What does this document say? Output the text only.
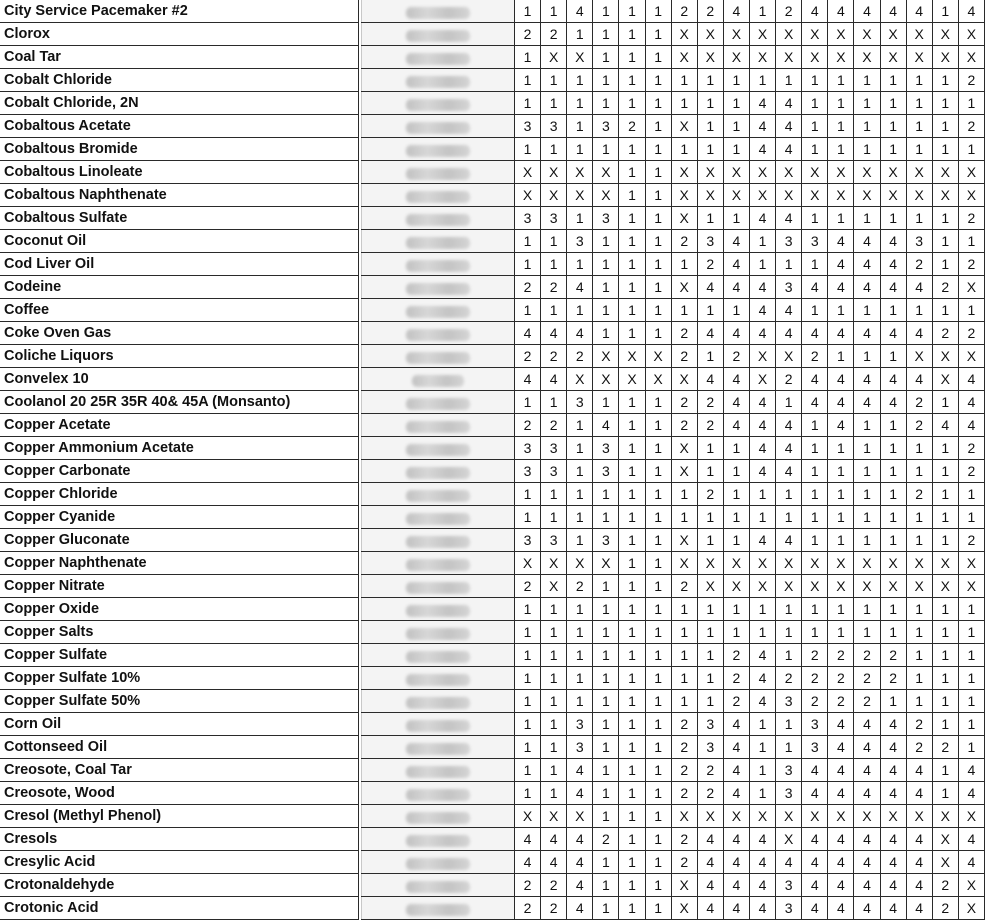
City Service Pacemaker #2			1	1	4	1	1	1	2	2	4	1	2	4	4	4	4	4	1	4
Clorox			2	2	1	1	1	1	X	X	X	X	X	X	X	X	X	X	X	X
Coal Tar			1	X	X	1	1	1	X	X	X	X	X	X	X	X	X	X	X	X
Cobalt Chloride			1	1	1	1	1	1	1	1	1	1	1	1	1	1	1	1	1	2
Cobalt Chloride, 2N			1	1	1	1	1	1	1	1	1	4	4	1	1	1	1	1	1	1
Cobaltous Acetate			3	3	1	3	2	1	X	1	1	4	4	1	1	1	1	1	1	2
Cobaltous Bromide			1	1	1	1	1	1	1	1	1	4	4	1	1	1	1	1	1	1
Cobaltous Linoleate			X	X	X	X	1	1	X	X	X	X	X	X	X	X	X	X	X	X
Cobaltous Naphthenate			X	X	X	X	1	1	X	X	X	X	X	X	X	X	X	X	X	X
Cobaltous Sulfate			3	3	1	3	1	1	X	1	1	4	4	1	1	1	1	1	1	2
Coconut Oil			1	1	3	1	1	1	2	3	4	1	3	3	4	4	4	3	1	1
Cod Liver Oil			1	1	1	1	1	1	1	2	4	1	1	1	4	4	4	2	1	2
Codeine			2	2	4	1	1	1	X	4	4	4	3	4	4	4	4	4	2	X
Coffee			1	1	1	1	1	1	1	1	1	4	4	1	1	1	1	1	1	1
Coke Oven Gas			4	4	4	1	1	1	2	4	4	4	4	4	4	4	4	4	2	2
Coliche Liquors			2	2	2	X	X	X	2	1	2	X	X	2	1	1	1	X	X	X
Convelex 10			4	4	X	X	X	X	X	4	4	X	2	4	4	4	4	4	X	4
Coolanol 20 25R 35R 40& 45A (Monsanto)			1	1	3	1	1	1	2	2	4	4	1	4	4	4	4	2	1	4
Copper Acetate			2	2	1	4	1	1	2	2	4	4	4	1	4	1	1	2	4	4
Copper Ammonium Acetate			3	3	1	3	1	1	X	1	1	4	4	1	1	1	1	1	1	2
Copper Carbonate			3	3	1	3	1	1	X	1	1	4	4	1	1	1	1	1	1	2
Copper Chloride			1	1	1	1	1	1	1	2	1	1	1	1	1	1	1	2	1	1
Copper Cyanide			1	1	1	1	1	1	1	1	1	1	1	1	1	1	1	1	1	1
Copper Gluconate			3	3	1	3	1	1	X	1	1	4	4	1	1	1	1	1	1	2
Copper Naphthenate			X	X	X	X	1	1	X	X	X	X	X	X	X	X	X	X	X	X
Copper Nitrate			2	X	2	1	1	1	2	X	X	X	X	X	X	X	X	X	X	X
Copper Oxide			1	1	1	1	1	1	1	1	1	1	1	1	1	1	1	1	1	1
Copper Salts			1	1	1	1	1	1	1	1	1	1	1	1	1	1	1	1	1	1
Copper Sulfate			1	1	1	1	1	1	1	1	2	4	1	2	2	2	2	1	1	1
Copper Sulfate 10%			1	1	1	1	1	1	1	1	2	4	2	2	2	2	2	1	1	1
Copper Sulfate 50%			1	1	1	1	1	1	1	1	2	4	3	2	2	2	1	1	1	1
Corn Oil			1	1	3	1	1	1	2	3	4	1	1	3	4	4	4	2	1	1
Cottonseed Oil			1	1	3	1	1	1	2	3	4	1	1	3	4	4	4	2	2	1
Creosote, Coal Tar			1	1	4	1	1	1	2	2	4	1	3	4	4	4	4	4	1	4
Creosote, Wood			1	1	4	1	1	1	2	2	4	1	3	4	4	4	4	4	1	4
Cresol (Methyl Phenol)			X	X	X	1	1	1	X	X	X	X	X	X	X	X	X	X	X	X
Cresols			4	4	4	2	1	1	2	4	4	4	X	4	4	4	4	4	X	4
Cresylic Acid			4	4	4	1	1	1	2	4	4	4	4	4	4	4	4	4	X	4
Crotonaldehyde			2	2	4	1	1	1	X	4	4	4	3	4	4	4	4	4	2	X
Crotonic Acid			2	2	4	1	1	1	X	4	4	4	3	4	4	4	4	4	2	X
